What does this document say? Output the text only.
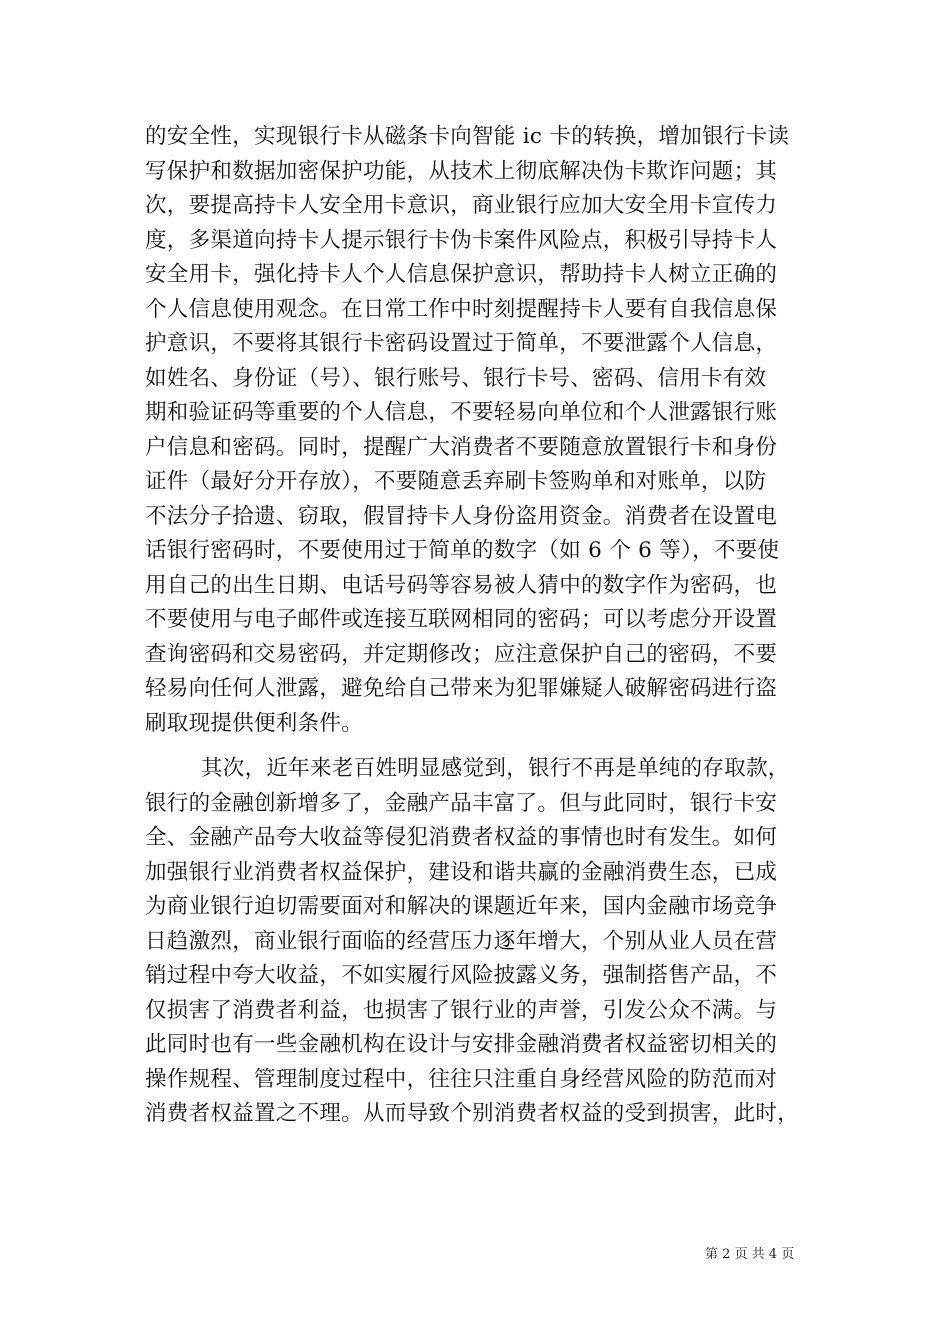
的安全性，实现银行卡从磁条卡向智能 ic 卡的转换，增加银行卡读
写保护和数据加密保护功能，从技术上彻底解决伪卡欺诈问题；其
次，要提高持卡人安全用卡意识，商业银行应加大安全用卡宣传力
度，多渠道向持卡人提示银行卡伪卡案件风险点，积极引导持卡人
安全用卡，强化持卡人个人信息保护意识，帮助持卡人树立正确的
个人信息使用观念。在日常工作中时刻提醒持卡人要有自我信息保
护意识，不要将其银行卡密码设置过于简单，不要泄露个人信息，
如姓名、身份证（号）、银行账号、银行卡号、密码、信用卡有效
期和验证码等重要的个人信息，不要轻易向单位和个人泄露银行账
户信息和密码。同时，提醒广大消费者不要随意放置银行卡和身份
证件（最好分开存放），不要随意丢弃刷卡签购单和对账单，以防
不法分子拾遗、窃取，假冒持卡人身份盗用资金。消费者在设置电
话银行密码时，不要使用过于简单的数字（如 6 个 6 等），不要使
用自己的出生日期、电话号码等容易被人猜中的数字作为密码，也
不要使用与电子邮件或连接互联网相同的密码；可以考虑分开设置
查询密码和交易密码，并定期修改；应注意保护自己的密码，不要
轻易向任何人泄露，避免给自己带来为犯罪嫌疑人破解密码进行盗
刷取现提供便利条件。
其次，近年来老百姓明显感觉到，银行不再是单纯的存取款，
银行的金融创新增多了，金融产品丰富了。但与此同时，银行卡安
全、金融产品夸大收益等侵犯消费者权益的事情也时有发生。如何
加强银行业消费者权益保护，建设和谐共赢的金融消费生态，已成
为商业银行迫切需要面对和解决的课题近年来，国内金融市场竞争
日趋激烈，商业银行面临的经营压力逐年增大，个别从业人员在营
销过程中夸大收益，不如实履行风险披露义务，强制搭售产品，不
仅损害了消费者利益，也损害了银行业的声誉，引发公众不满。与
此同时也有一些金融机构在设计与安排金融消费者权益密切相关的
操作规程、管理制度过程中，往往只注重自身经营风险的防范而对
消费者权益置之不理。从而导致个别消费者权益的受到损害，此时，
第 2 页 共 4 页
